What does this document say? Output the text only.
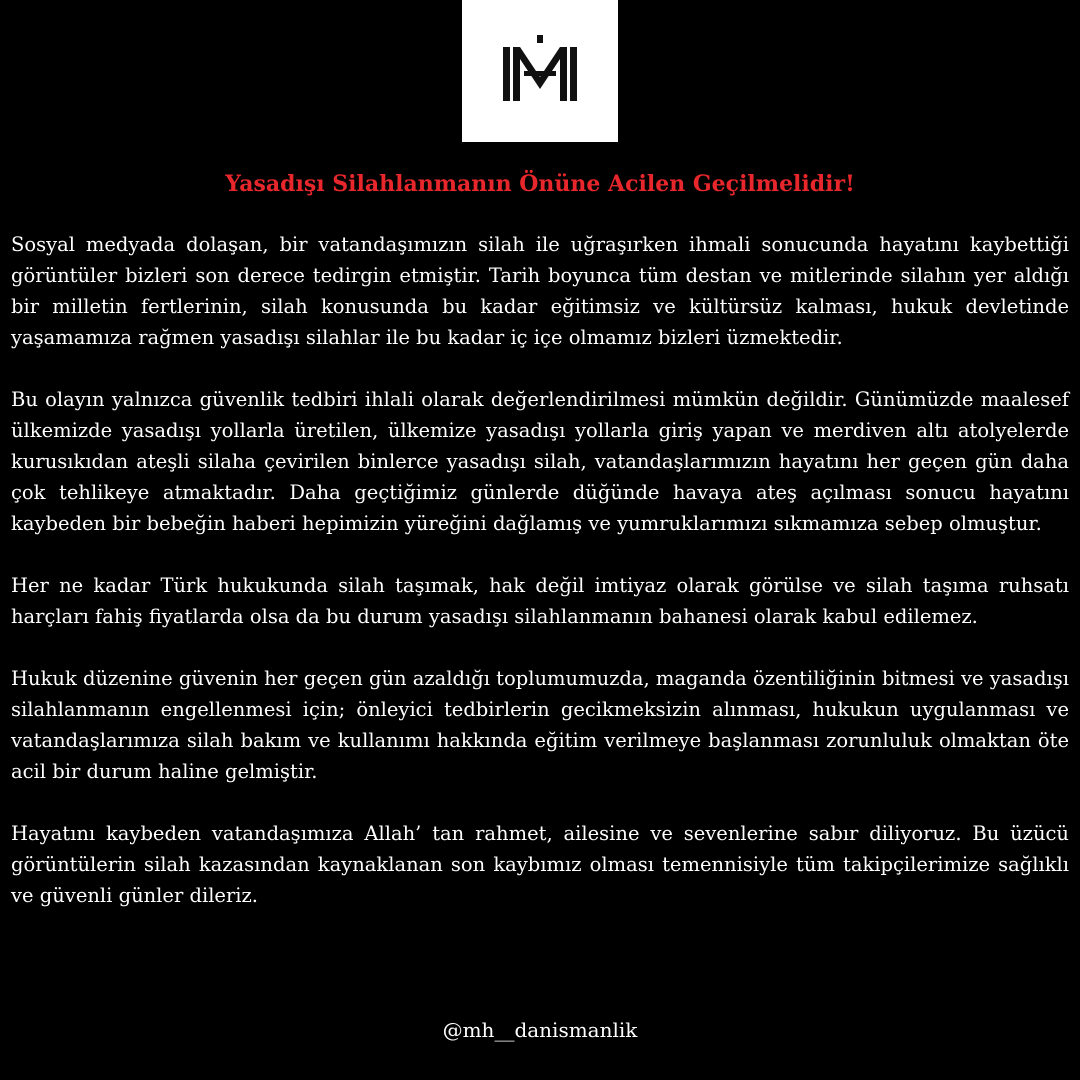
Yasadışı Silahlanmanın Önüne Acilen Geçilmelidir!

Sosyal medyada dolaşan, bir vatandaşımızın silah ile uğraşırken ihmali sonucunda hayatını kaybettiği görüntüler bizleri son derece tedirgin etmiştir. Tarih boyunca tüm destan ve mitlerinde silahın yer aldığı bir milletin fertlerinin, silah konusunda bu kadar eğitimsiz ve kültürsüz kalması, hukuk devletinde yaşamamıza rağmen yasadışı silahlar ile bu kadar iç içe olmamız bizleri üzmektedir.

Bu olayın yalnızca güvenlik tedbiri ihlali olarak değerlendirilmesi mümkün değildir. Günümüzde maalesef ülkemizde yasadışı yollarla üretilen, ülkemize yasadışı yollarla giriş yapan ve merdiven altı atolyelerde kurusıkıdan ateşli silaha çevirilen binlerce yasadışı silah, vatandaşlarımızın hayatını her geçen gün daha çok tehlikeye atmaktadır. Daha geçtiğimiz günlerde düğünde havaya ateş açılması sonucu hayatını kaybeden bir bebeğin haberi hepimizin yüreğini dağlamış ve yumruklarımızı sıkmamıza sebep olmuştur.

Her ne kadar Türk hukukunda silah taşımak, hak değil imtiyaz olarak görülse ve silah taşıma ruhsatı harçları fahiş fiyatlarda olsa da bu durum yasadışı silahlanmanın bahanesi olarak kabul edilemez.

Hukuk düzenine güvenin her geçen gün azaldığı toplumumuzda, maganda özentiliğinin bitmesi ve yasadışı silahlanmanın engellenmesi için; önleyici tedbirlerin gecikmeksizin alınması, hukukun uygulanması ve vatandaşlarımıza silah bakım ve kullanımı hakkında eğitim verilmeye başlanması zorunluluk olmaktan öte acil bir durum haline gelmiştir.

Hayatını kaybeden vatandaşımıza Allah’ tan rahmet, ailesine ve sevenlerine sabır diliyoruz. Bu üzücü görüntülerin silah kazasından kaynaklanan son kaybımız olması temennisiyle tüm takipçilerimize sağlıklı ve güvenli günler dileriz.

@mh__danismanlik
